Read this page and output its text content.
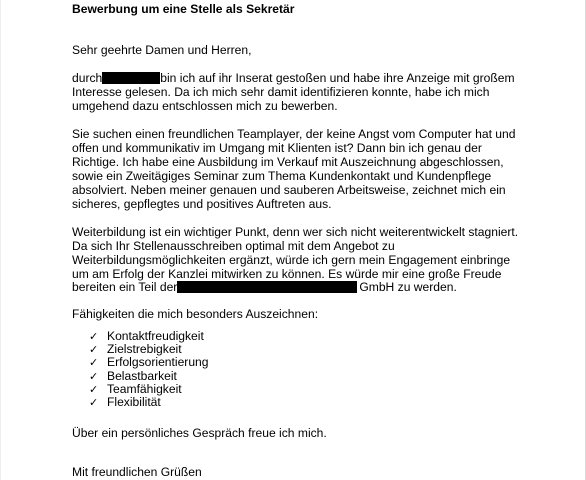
Bewerbung um eine Stelle als Sekretär
Sehr geehrte Damen und Herren,
durch	bin ich auf ihr Inserat gestoßen und habe ihre Anzeige mit großem
Interesse gelesen. Da ich mich sehr damit identifizieren konnte, habe ich mich
umgehend dazu entschlossen mich zu bewerben.
Sie suchen einen freundlichen Teamplayer, der keine Angst vom Computer hat und
offen und kommunikativ im Umgang mit Klienten ist? Dann bin ich genau der
Richtige. Ich habe eine Ausbildung im Verkauf mit Auszeichnung abgeschlossen,
sowie ein Zweitägiges Seminar zum Thema Kundenkontakt und Kundenpflege
absolviert. Neben meiner genauen und sauberen Arbeitsweise, zeichnet mich ein
sicheres, gepflegtes und positives Auftreten aus.
Weiterbildung ist ein wichtiger Punkt, denn wer sich nicht weiterentwickelt stagniert.
Da sich Ihr Stellenausschreiben optimal mit dem Angebot zu
Weiterbildungsmöglichkeiten ergänzt, würde ich gern mein Engagement einbringe
um am Erfolg der Kanzlei mitwirken zu können. Es würde mir eine große Freude
bereiten ein Teil der	GmbH zu werden.
Fähigkeiten die mich besonders Auszeichnen:
✓ Kontaktfreudigkeit
✓ Zielstrebigkeit
✓ Erfolgsorientierung
✓ Belastbarkeit
✓ Teamfähigkeit
✓ Flexibilität
Über ein persönliches Gespräch freue ich mich.
Mit freundlichen Grüßen
